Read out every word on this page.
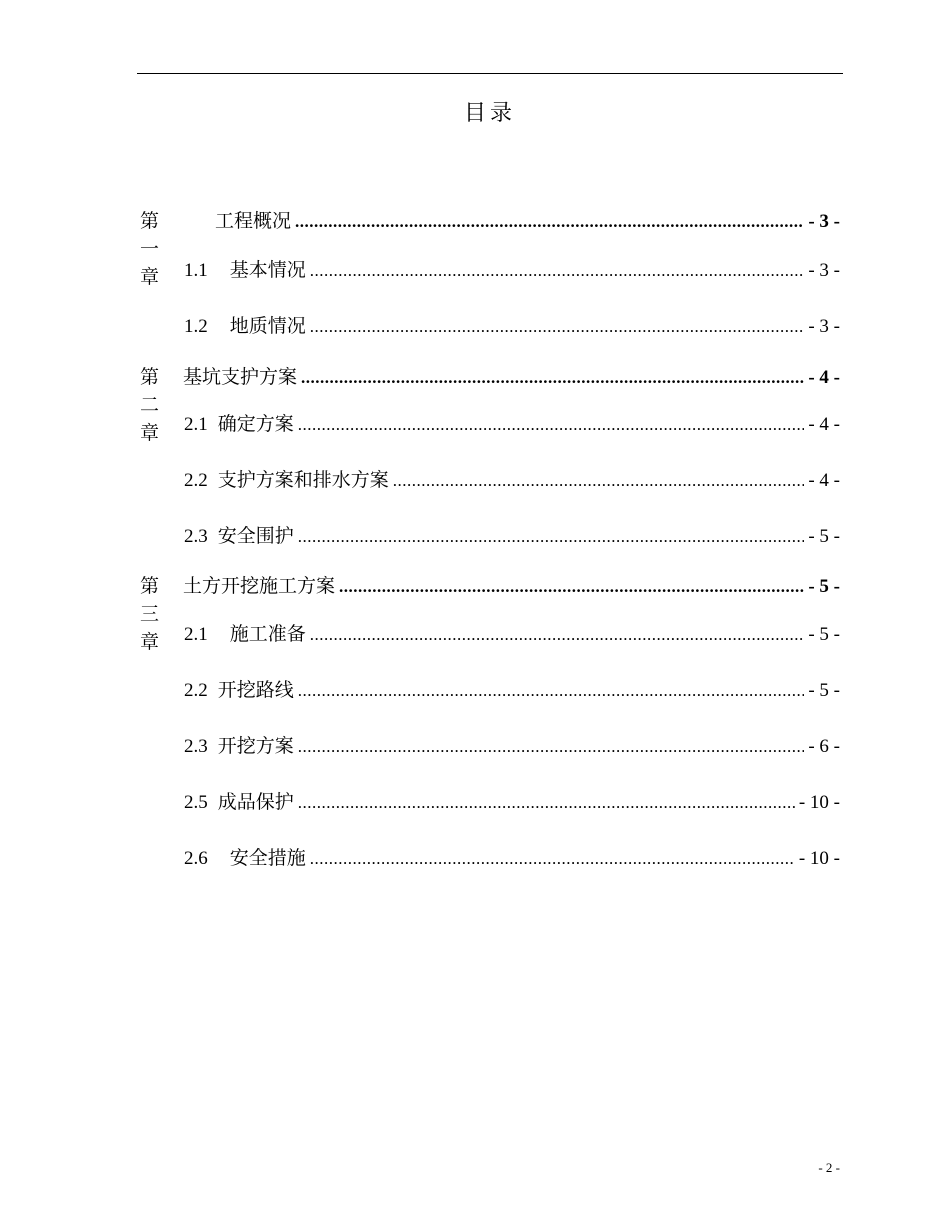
目录
第一章
工程概况 .....	- 3 -
1.1 基本情况 .....	- 3 -
1.2 地质情况 .....	- 3 -
第二章
基坑支护方案 .....	- 4 -
2.1 确定方案 .....	- 4 -
2.2 支护方案和排水方案 .....	- 4 -
2.3 安全围护 .....	- 5 -
第三章
土方开挖施工方案 .....	- 5 -
2.1 施工准备 .....	- 5 -
2.2 开挖路线 .....	- 5 -
2.3 开挖方案 .....	- 6 -
2.5 成品保护 .....	- 10 -
2.6 安全措施 .....	- 10 -
- 2 -
